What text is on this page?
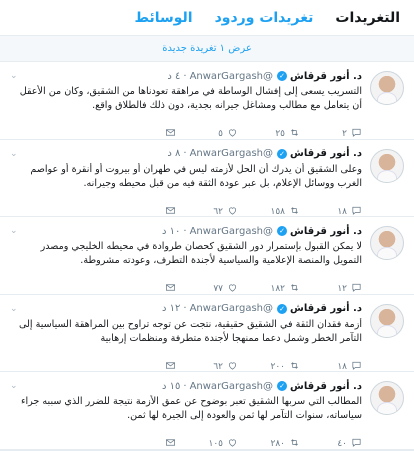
التغريدات
تغريدات وردود
الوسائط
عرض ١ تغريدة جديدة
د. أنور قرقاش
✓
@AnwarGargash
·
٤ د
⌄
التسريب يسعى إلى إفشال الوساطة في مراهقة تعودناها من الشقيق، وكان من الأعقل أن يتعامل مع مطالب ومشاغل جيرانه بجدية، دون ذلك فالطلاق واقع.
٢
٢٥
٥
د. أنور قرقاش
✓
@AnwarGargash
·
٨ د
⌄
وعلى الشقيق أن يدرك أن الحل لأزمته ليس في طهران أو بيروت أو أنقرة أو عواصم الغرب ووسائل الإعلام، بل عبر عودة الثقة فيه من قبل محيطه وجيرانه.
١٨
١٥٨
٦٢
د. أنور قرقاش
✓
@AnwarGargash
·
١٠ د
⌄
لا يمكن القبول بإستمرار دور الشقيق كحصان طروادة في محيطه الخليجي ومصدر التمويل والمنصة الإعلامية والسياسية لأجندة التطرف، وعودته مشروطة.
١٢
١٨٢
٧٧
د. أنور قرقاش
✓
@AnwarGargash
·
١٢ د
⌄
أزمة فقدان الثقة في الشقيق حقيقية، نتجت عن توجه تراوح بين المراهقة السياسية إلى التآمر الخطر وشمل دعما ممنهجا لأجندة متطرفة ومنظمات إرهابية
١٨
٢٠٠
٦٢
د. أنور قرقاش
✓
@AnwarGargash
·
١٥ د
⌄
المطالب التي سربها الشقيق تعبر بوضوح عن عمق الأزمة نتيجة للضرر الذي سببه جراء سياساته، سنوات التآمر لها ثمن والعودة إلى الجيرة لها ثمن.
٤٠
٢٨٠
١٠٥
